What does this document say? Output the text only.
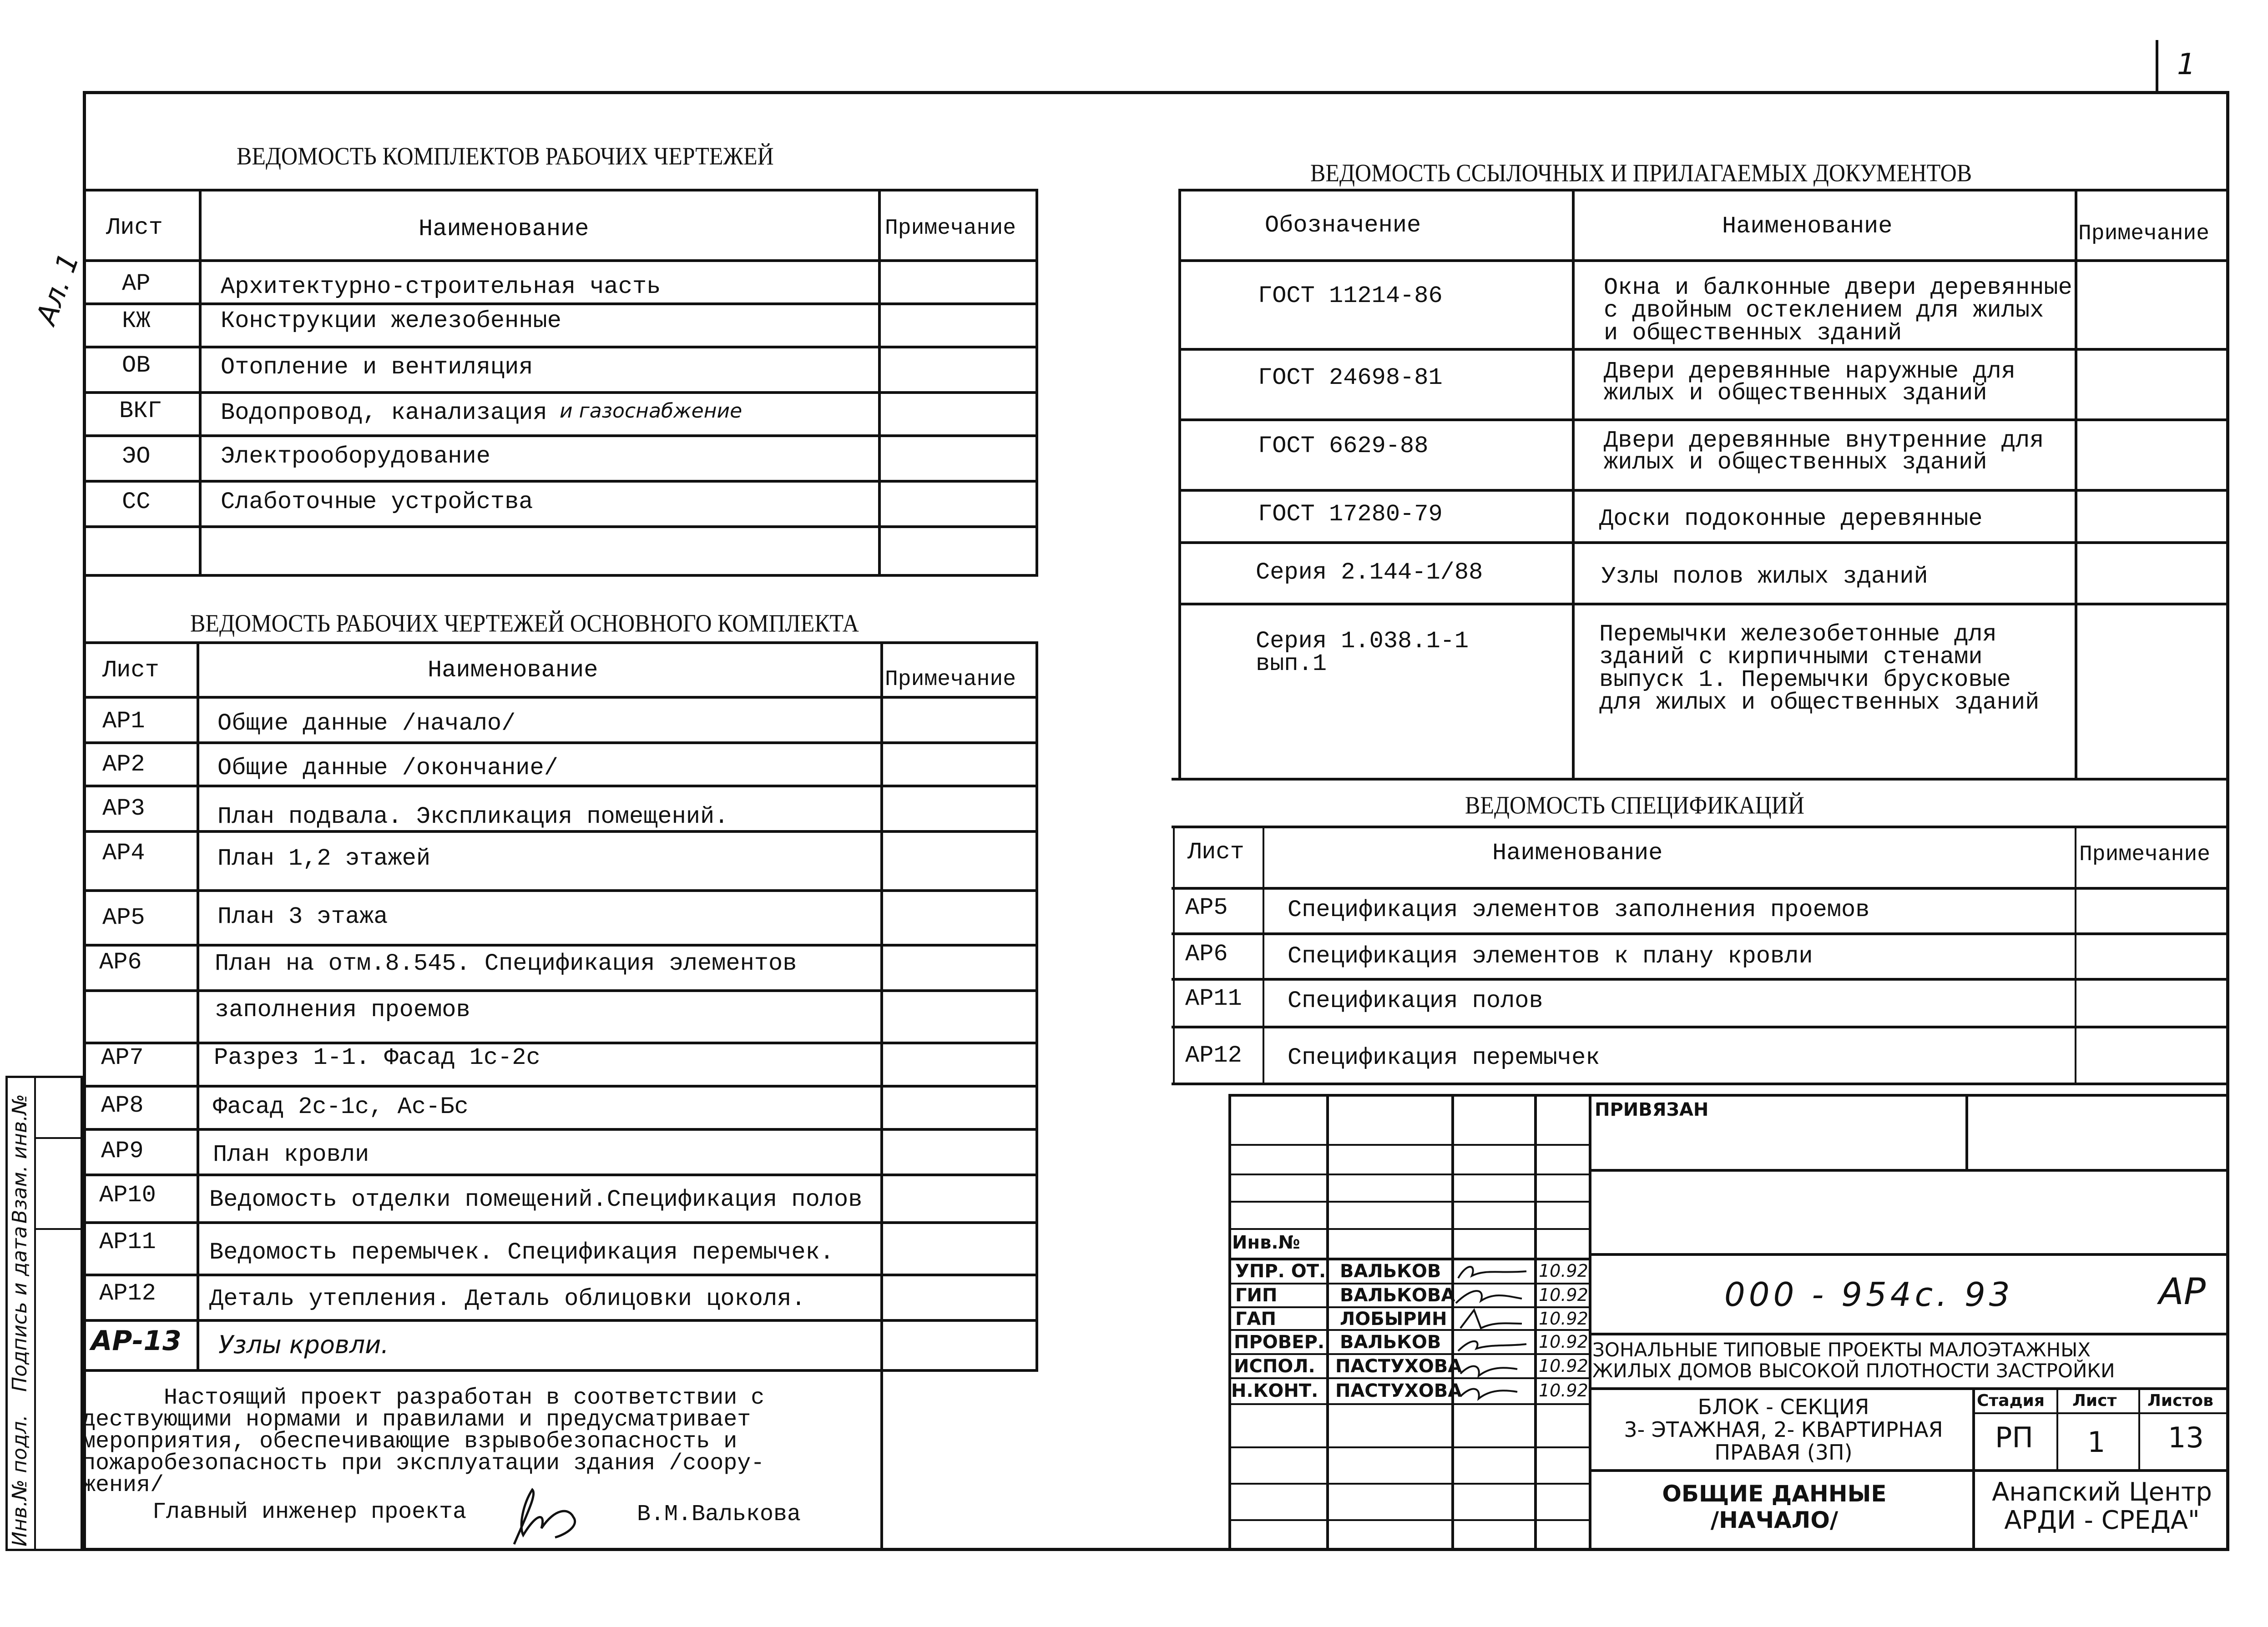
1
Ал. 1
Инв.№ подл.
Подпись и дата
Взам. инв.№
ВЕДОМОСТЬ КОМПЛЕКТОВ РАБОЧИХ ЧЕРТЕЖЕЙ
Лист	Наименование	Примечание
АР	Архитектурно-строительная часть
КЖ	Конструкции железобенные
ОВ	Отопление и вентиляция
ВКГ Водопровод, канализация и газоснабжение
ЭО	Электрооборудование
СС	Слаботочные устройства
ВЕДОМОСТЬ РАБОЧИХ ЧЕРТЕЖЕЙ ОСНОВНОГО КОМПЛЕКТА
Лист	Наименование	Примечание
АР1	Общие данные /начало/
АР2	Общие данные /окончание/
АР3	План подвала. Экспликация помещений.
АР4	План 1,2 этажей
АР5	План 3 этажа
АР6	План на отм.8.545. Спецификация элементов
заполнения проемов
АР7	Разрез 1-1. Фасад 1с-2с
АР8	Фасад 2с-1с, Ас-Бс
АР9	План кровли
АР10 Ведомость отделки помещений.Спецификация полов
АР11 Ведомость перемычек. Спецификация перемычек.
АР12 Деталь утепления. Деталь облицовки цоколя.
АР-13 Узлы кровли.
Настоящий проект разработан в соответствии с
дествующими нормами и правилами и предусматривает
мероприятия, обеспечивающие взрывобезопасность и
пожаробезопасность при эксплуатации здания /соору-
жения/
Главный инженер проекта	В.М.Валькова
ВЕДОМОСТЬ ССЫЛОЧНЫХ И ПРИЛАГАЕМЫХ ДОКУМЕНТОВ
Обозначение	Наименование	Примечание
ГОСТ 11214-86	Окна и балконные двери деревянные
с двойным остеклением для жилых
и общественных зданий
ГОСТ 24698-81	Двери деревянные наружные для
жилых и общественных зданий
ГОСТ 6629-88	Двери деревянные внутренние для
жилых и общественных зданий
ГОСТ 17280-79	Доски подоконные деревянные
Серия 2.144-1/88	Узлы полов жилых зданий
Серия 1.038.1-1
вып.1
Перемычки железобетонные для
зданий с кирпичными стенами
выпуск 1. Перемычки брусковые
для жилых и общественных зданий
ВЕДОМОСТЬ СПЕЦИФИКАЦИЙ
Лист	Наименование	Примечание
АР5	Спецификация элементов заполнения проемов
АР6	Спецификация элементов к плану кровли
АР11 Спецификация полов
АР12 Спецификация перемычек
Инв.№
УПР. ОТ. ВАЛЬКОВ	10.92
ГИП	ВАЛЬКОВА	10.92
ГАП	ЛОБЫРИН	10.92
ПРОВЕР. ВАЛЬКОВ	10.92
ИСПОЛ. ПАСТУХОВА	10.92
Н.КОНТ. ПАСТУХОВА	10.92
ПРИВЯЗАН
000 - 954с. 93	АР
ЗОНАЛЬНЫЕ ТИПОВЫЕ ПРОЕКТЫ МАЛОЭТАЖНЫХ
ЖИЛЫХ ДОМОВ ВЫСОКОЙ ПЛОТНОСТИ ЗАСТРОЙКИ
БЛОК - СЕКЦИЯ
3- ЭТАЖНАЯ, 2- КВАРТИРНАЯ
ПРАВАЯ (3П)
ОБЩИЕ ДАННЫЕ
/НАЧАЛО/
Стадия Лист Листов
РП 1 13
Анапский Центр
АРДИ - СРЕДА"
